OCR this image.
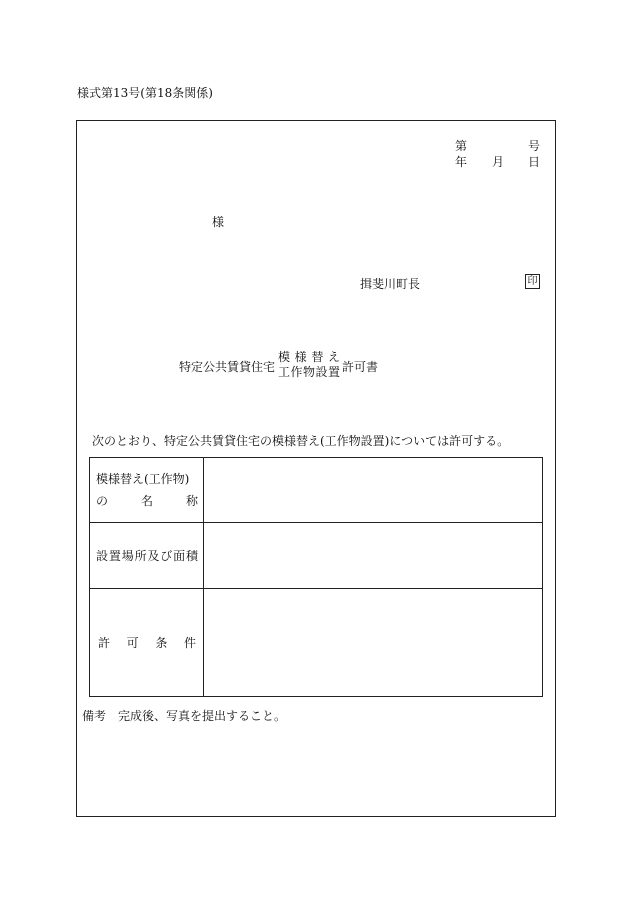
様式第13号(第18条関係)
第	号
年 月 日
様
揖斐川町長	印
特定公共賃貸住宅
模様替え
工作物設置 許可書
次のとおり、特定公共賃貸住宅の模様替え(工作物設置)については許可する。
模様替え(工作物)
の名称	

設置場所及び面積	

許可条件	

備考　完成後、写真を提出すること。
